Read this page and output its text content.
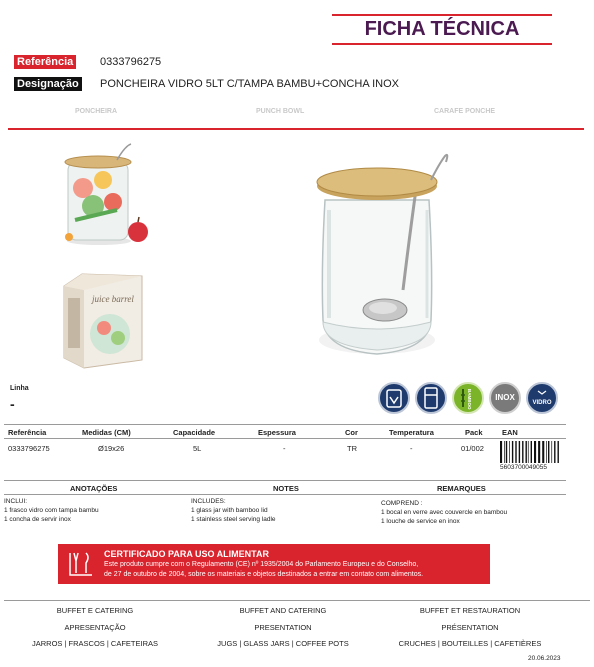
FICHA TÉCNICA
Referência 0333796275
Designação PONCHEIRA VIDRO 5LT C/TAMPA BAMBU+CONCHA INOX
PONCHEIRA	PUNCH BOWL	CARAFE PONCHE
juice barrel
Linha
-	BAMBOO	INOX
VIDRO
Referência	Medidas (CM)	Capacidade	Espessura	Cor	Temperatura	Pack	EAN
0333796275	Ø19x26	5L	-	TR	-	01/002
5603700049055
ANOTAÇÕES	NOTES	REMARQUES
INCLUI:
1 frasco vidro com tampa bambu
1 concha de servir inox
INCLUDES:
1 glass jar with bamboo lid
1 stainless steel serving ladle
COMPREND :
1 bocal en verre avec couvercle en bambou
1 louche de service en inox
CERTIFICADO PARA USO ALIMENTAR
Este produto cumpre com o Regulamento (CE) nº 1935/2004 do Parlamento Europeu e do Conselho,
de 27 de outubro de 2004, sobre os materiais e objetos destinados a entrar em contato com alimentos.
BUFFET E CATERING	BUFFET AND CATERING	BUFFET ET RESTAURATION
APRESENTAÇÃO	PRESENTATION	PRÉSENTATION
JARROS | FRASCOS | CAFETEIRAS	JUGS | GLASS JARS | COFFEE POTS	CRUCHES | BOUTEILLES | CAFETIÈRES
20.06.2023
